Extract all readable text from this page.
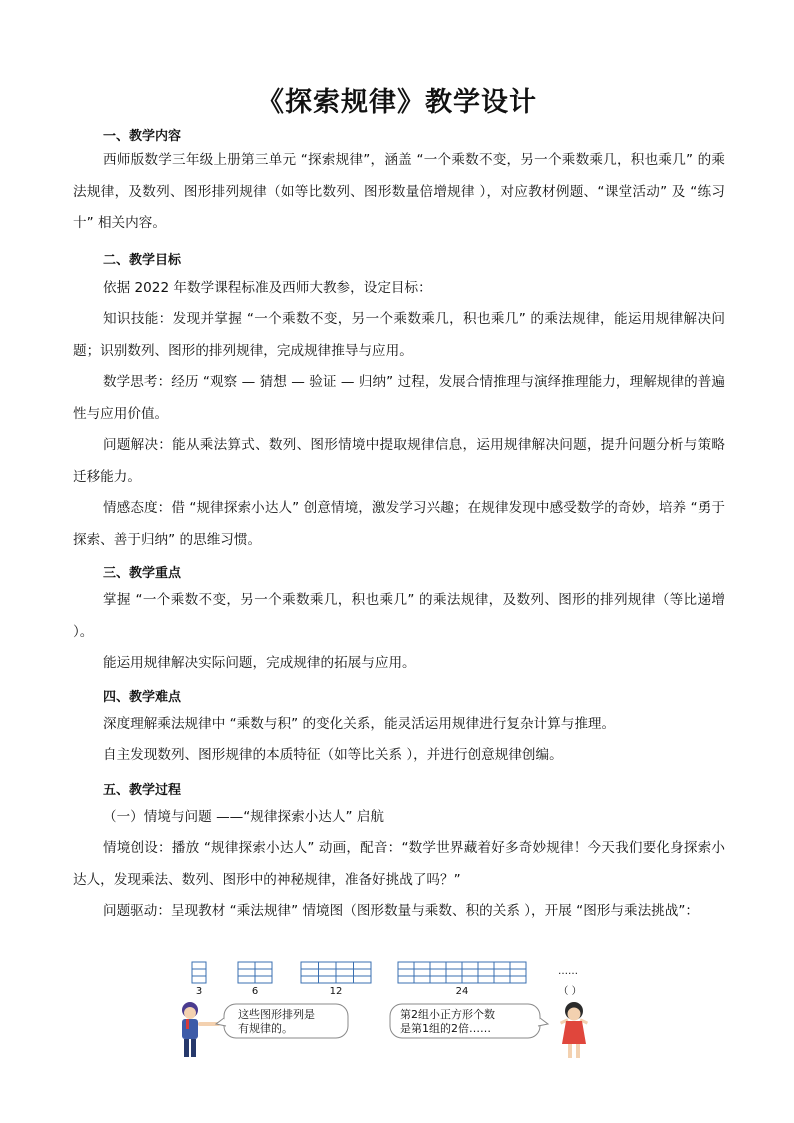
《探索规律》教学设计
一、教学内容

西师版数学三年级上册第三单元 “探索规律”，涵盖 “一个乘数不变，另一个乘数乘几，积也乘几” 的乘法规律，及数列、图形排列规律（如等比数列、图形数量倍增规律 ），对应教材例题、“课堂活动” 及 “练习十” 相关内容。

二、教学目标

依据 2022 年数学课程标准及西师大教参，设定目标：

知识技能：发现并掌握 “一个乘数不变，另一个乘数乘几，积也乘几” 的乘法规律，能运用规律解决问题；识别数列、图形的排列规律，完成规律推导与应用。

数学思考：经历 “观察 — 猜想 — 验证 — 归纳” 过程，发展合情推理与演绎推理能力，理解规律的普遍性与应用价值。

问题解决：能从乘法算式、数列、图形情境中提取规律信息，运用规律解决问题，提升问题分析与策略迁移能力。

情感态度：借 “规律探索小达人” 创意情境，激发学习兴趣；在规律发现中感受数学的奇妙，培养 “勇于探索、善于归纳” 的思维习惯。

三、教学重点

掌握 “一个乘数不变，另一个乘数乘几，积也乘几” 的乘法规律，及数列、图形的排列规律（等比递增 ）。

能运用规律解决实际问题，完成规律的拓展与应用。

四、教学难点

深度理解乘法规律中 “乘数与积” 的变化关系，能灵活运用规律进行复杂计算与推理。

自主发现数列、图形规律的本质特征（如等比关系 ），并进行创意规律创编。

五、教学过程

（一）情境与问题 ——“规律探索小达人” 启航

情境创设：播放 “规律探索小达人” 动画，配音：“数学世界藏着好多奇妙规律！今天我们要化身探索小达人，发现乘法、数列、图形中的神秘规律，准备好挑战了吗？”

问题驱动：呈现教材 “乘法规律” 情境图（图形数量与乘数、积的关系 ），开展 “图形与乘法挑战”：

3	6	12	24	（ ）
……
这些图形排列是
有规律的。
第2组小正方形个数
是第1组的2倍……
